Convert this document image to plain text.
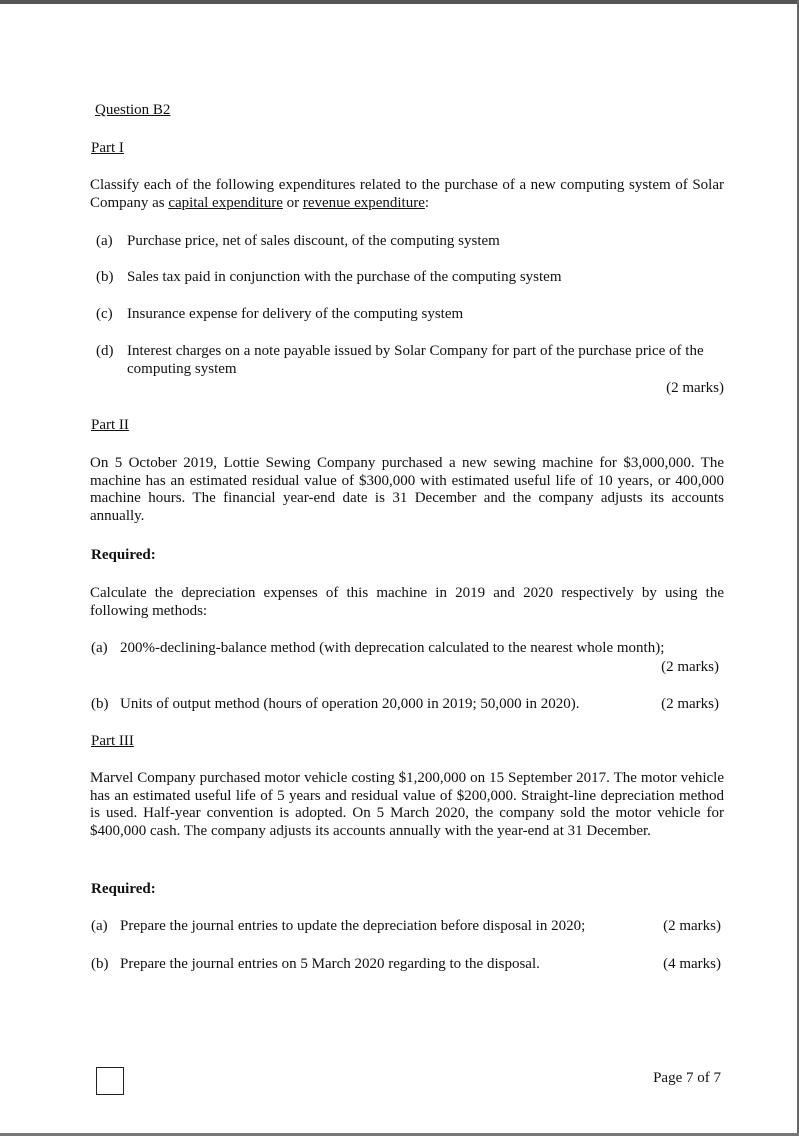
Question B2
Part I
Classify each of the following expenditures related to the purchase of a new computing system of Solar Company as capital expenditure or revenue expenditure:
(a) Purchase price, net of sales discount, of the computing system
(b) Sales tax paid in conjunction with the purchase of the computing system
(c) Insurance expense for delivery of the computing system
(d) Interest charges on a note payable issued by Solar Company for part of the purchase price of the computing system
(2 marks)
Part II
On 5 October 2019, Lottie Sewing Company purchased a new sewing machine for $3,000,000. The machine has an estimated residual value of $300,000 with estimated useful life of 10 years, or 400,000 machine hours. The financial year-end date is 31 December and the company adjusts its accounts annually.
Required:
Calculate the depreciation expenses of this machine in 2019 and 2020 respectively by using the following methods:
(a) 200%-declining-balance method (with deprecation calculated to the nearest whole month);
(2 marks)
(b) Units of output method (hours of operation 20,000 in 2019; 50,000 in 2020).	(2 marks)
Part III
Marvel Company purchased motor vehicle costing $1,200,000 on 15 September 2017. The motor vehicle has an estimated useful life of 5 years and residual value of $200,000. Straight-line depreciation method is used. Half-year convention is adopted. On 5 March 2020, the company sold the motor vehicle for $400,000 cash. The company adjusts its accounts annually with the year-end at 31 December.
Required:
(a) Prepare the journal entries to update the depreciation before disposal in 2020;	(2 marks)
(b) Prepare the journal entries on 5 March 2020 regarding to the disposal.	(4 marks)
Page 7 of 7
